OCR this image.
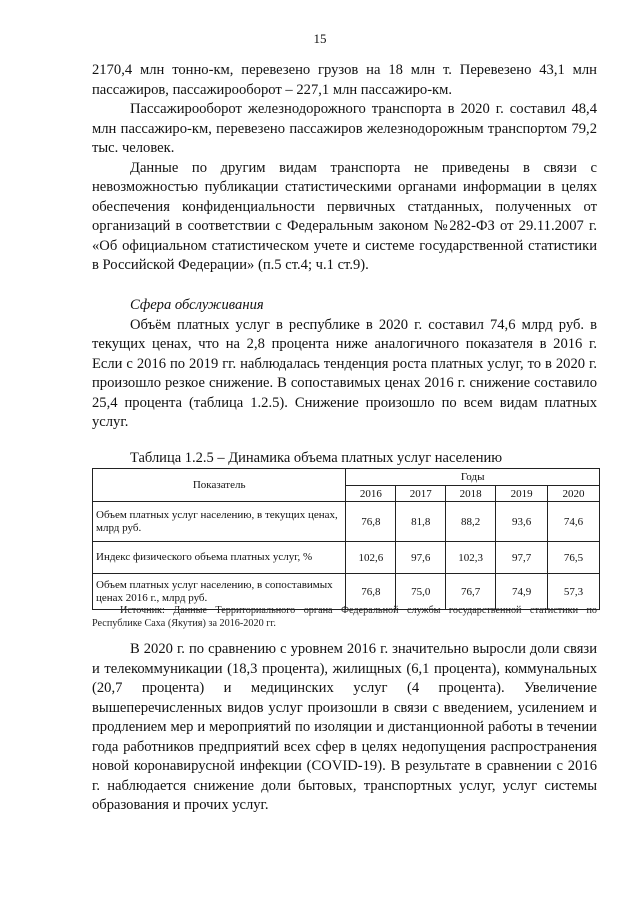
15

2170,4 млн тонно-км, перевезено грузов на 18 млн т. Перевезено 43,1 млн пассажиров, пассажирооборот – 227,1 млн пассажиро-км.

Пассажирооборот железнодорожного транспорта в 2020 г. составил 48,4 млн пассажиро-км, перевезено пассажиров железнодорожным транспортом 79,2 тыс. человек.

Данные по другим видам транспорта не приведены в связи с невозможностью публикации статистическими органами информации в целях обеспечения конфиденциальности первичных статданных, полученных от организаций в соответствии с Федеральным законом №282-ФЗ от 29.11.2007 г. «Об официальном статистическом учете и системе государственной статистики в Российской Федерации» (п.5 ст.4; ч.1 ст.9).

Сфера обслуживания

Объём платных услуг в республике в 2020 г. составил 74,6 млрд руб. в текущих ценах, что на 2,8 процента ниже аналогичного показателя в 2016 г. Если с 2016 по 2019 гг. наблюдалась тенденция роста платных услуг, то в 2020 г. произошло резкое снижение. В сопоставимых ценах 2016 г. снижение составило 25,4 процента (таблица 1.2.5). Снижение произошло по всем видам платных услуг.

Таблица 1.2.5 – Динамика объема платных услуг населению
Показатель	Годы				
	2016	2017	2018	2019	2020
Объем платных услуг населению, в текущих ценах, млрд руб.	76,8	81,8	88,2	93,6	74,6
Индекс физического объема платных услуг, %	102,6	97,6	102,3	97,7	76,5
Объем платных услуг населению, в сопоставимых ценах 2016 г., млрд руб.	76,8	75,0	76,7	74,9	57,3
Источник: Данные Территориального органа Федеральной службы государственной статистики по Республике Саха (Якутия) за 2016-2020 гг.

В 2020 г. по сравнению с уровнем 2016 г. значительно выросли доли связи и телекоммуникации (18,3 процента), жилищных (6,1 процента), коммунальных (20,7 процента) и медицинских услуг (4 процента). Увеличение вышеперечисленных видов услуг произошли в связи с введением, усилением и продлением мер и мероприятий по изоляции и дистанционной работы в течении года работников предприятий всех сфер в целях недопущения распространения новой коронавирусной инфекции (COVID-19). В результате в сравнении с 2016 г. наблюдается снижение доли бытовых, транспортных услуг, услуг системы образования и прочих услуг.
